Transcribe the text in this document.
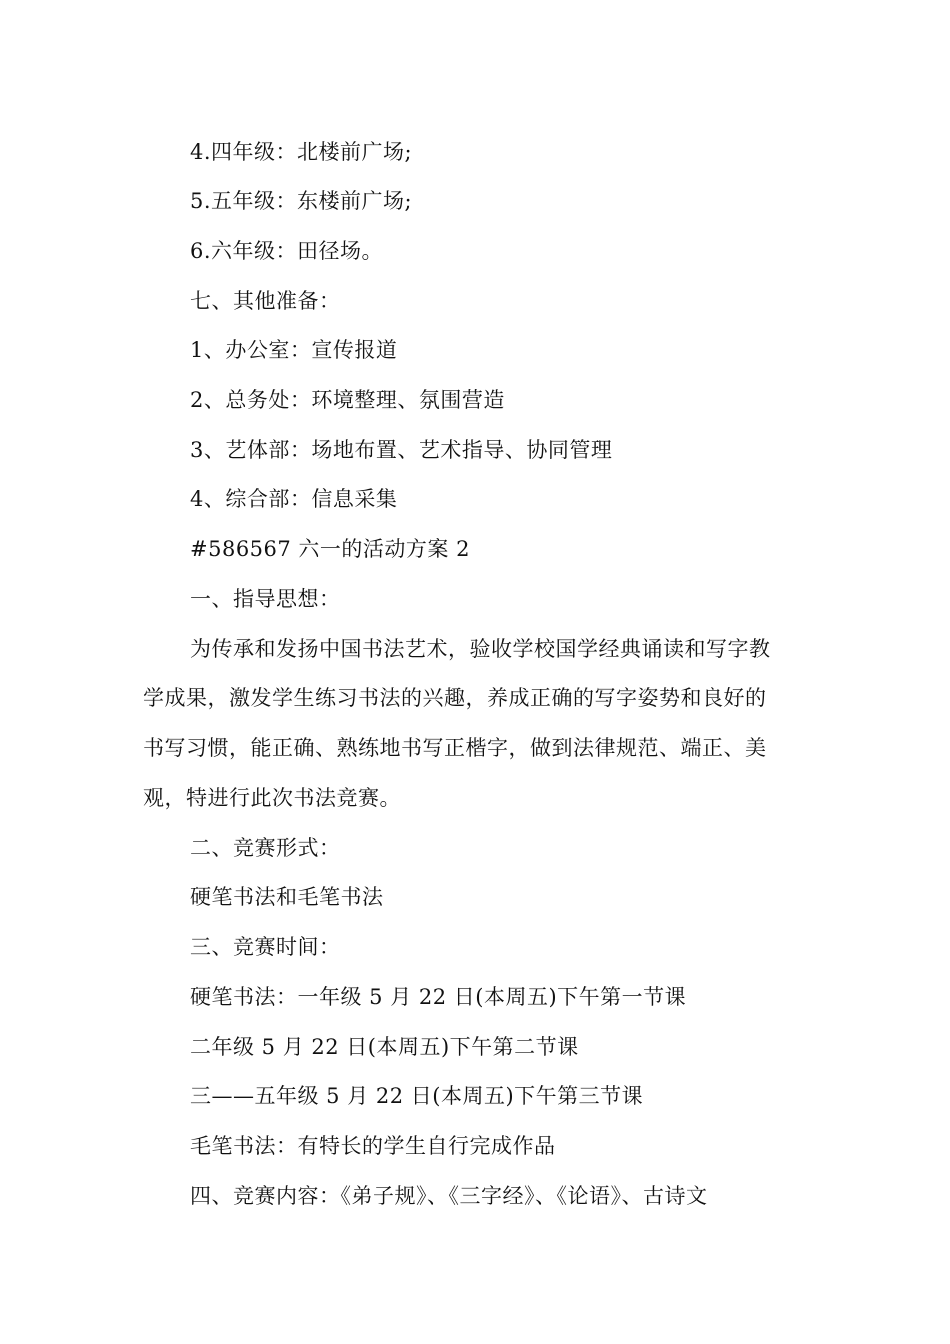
4.四年级：北楼前广场;
5.五年级：东楼前广场;
6.六年级：田径场。
七、其他准备：
1、办公室：宣传报道
2、总务处：环境整理、氛围营造
3、艺体部：场地布置、艺术指导、协同管理
4、综合部：信息采集
#586567 六一的活动方案 2
一、指导思想：
为传承和发扬中国书法艺术，验收学校国学经典诵读和写字教
学成果，激发学生练习书法的兴趣，养成正确的写字姿势和良好的
书写习惯，能正确、熟练地书写正楷字，做到法律规范、端正、美
观，特进行此次书法竞赛。
二、竞赛形式：
硬笔书法和毛笔书法
三、竞赛时间：
硬笔书法：一年级 5 月 22 日(本周五)下午第一节课
二年级 5 月 22 日(本周五)下午第二节课
三——五年级 5 月 22 日(本周五)下午第三节课
毛笔书法：有特长的学生自行完成作品
四、竞赛内容：《弟子规》、《三字经》、《论语》、古诗文
